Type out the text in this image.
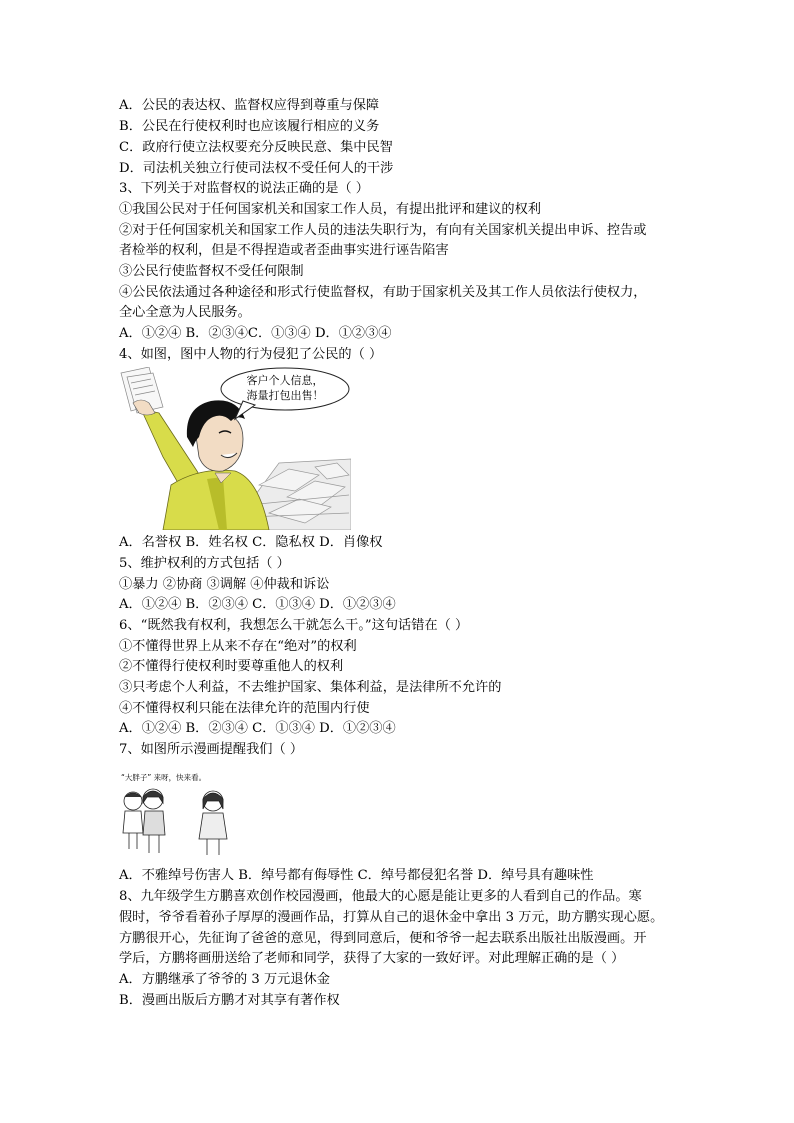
A．公民的表达权、监督权应得到尊重与保障
B．公民在行使权利时也应该履行相应的义务
C．政府行使立法权要充分反映民意、集中民智
D．司法机关独立行使司法权不受任何人的干涉
3、下列关于对监督权的说法正确的是（ ）
①我国公民对于任何国家机关和国家工作人员，有提出批评和建议的权利
②对于任何国家机关和国家工作人员的违法失职行为，有向有关国家机关提出申诉、控告或
者检举的权利，但是不得捏造或者歪曲事实进行诬告陷害
③公民行使监督权不受任何限制
④公民依法通过各种途径和形式行使监督权，有助于国家机关及其工作人员依法行使权力，
全心全意为人民服务。
A．①②④ B．②③④C．①③④ D．①②③④
4、如图，图中人物的行为侵犯了公民的（ ）
A．名誉权 B．姓名权 C．隐私权 D．肖像权
5、维护权利的方式包括（ ）
①暴力 ②协商 ③调解 ④仲裁和诉讼
A．①②④ B．②③④ C．①③④ D．①②③④
6、“既然我有权利，我想怎么干就怎么干。”这句话错在（ ）
①不懂得世界上从来不存在“绝对”的权利
②不懂得行使权利时要尊重他人的权利
③只考虑个人利益，不去维护国家、集体利益，是法律所不允许的
④不懂得权利只能在法律允许的范围内行使
A．①②④ B．②③④ C．①③④ D．①②③④
7、如图所示漫画提醒我们（ ）
A．不雅绰号伤害人 B．绰号都有侮辱性 C．绰号都侵犯名誉 D．绰号具有趣味性
8、九年级学生方鹏喜欢创作校园漫画，他最大的心愿是能让更多的人看到自己的作品。寒
假时，爷爷看着孙子厚厚的漫画作品，打算从自己的退休金中拿出 3 万元，助方鹏实现心愿。
方鹏很开心，先征询了爸爸的意见，得到同意后，便和爷爷一起去联系出版社出版漫画。开
学后，方鹏将画册送给了老师和同学，获得了大家的一致好评。对此理解正确的是（ ）
A．方鹏继承了爷爷的 3 万元退休金
B．漫画出版后方鹏才对其享有著作权
客户个人信息，
海量打包出售！
“大胖子” 来呀，快来看。
